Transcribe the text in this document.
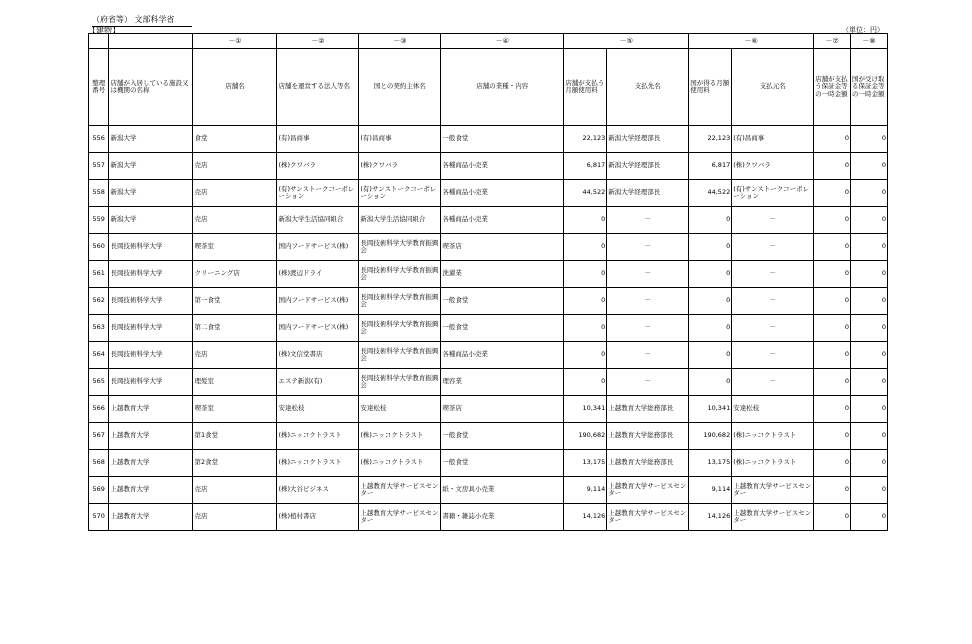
（府省等） 文部科学省
【建物】	（単位：円）
		－①	－②	－③	－④	－⑤		－⑥		－⑦	－⑧
整理番号	店舗が入居している施設又は機関の名称	店舗名	店舗を運営する法人等名	国との契約主体名	店舗の業種・内容	店舗が支払う月額使用料	支払先名	国が得る月額使用料	支払元名	店舗が支払う保証金等の一時金額	国が受け取る保証金等の一時金額
556	新潟大学	食堂	(有)昌商事	(有)昌商事	一般食堂	22,123	新潟大学経理部長	22,123	(有)昌商事	0	0
557	新潟大学	売店	(株)クワバラ	(株)クワバラ	各種商品小売業	6,817	新潟大学経理部長	6,817	(株)クワバラ	0	0
558	新潟大学	売店	(有)サンストークコーポレーション	(有)サンストークコーポレーション	各種商品小売業	44,522	新潟大学経理部長	44,522	(有)サンストークコーポレーション	0	0
559	新潟大学	売店	新潟大学生活協同組合	新潟大学生活協同組合	各種商品小売業	0	－	0	－	0	0
560	長岡技術科学大学	喫茶室	国内フードサービス(株)	長岡技術科学大学教育振興会	喫茶店	0	－	0	－	0	0
561	長岡技術科学大学	クリーニング店	(株)渡辺ドライ	長岡技術科学大学教育振興会	洗濯業	0	－	0	－	0	0
562	長岡技術科学大学	第一食堂	国内フードサービス(株)	長岡技術科学大学教育振興会	一般食堂	0	－	0	－	0	0
563	長岡技術科学大学	第二食堂	国内フードサービス(株)	長岡技術科学大学教育振興会	一般食堂	0	－	0	－	0	0
564	長岡技術科学大学	売店	(株)文信堂書店	長岡技術科学大学教育振興会	各種商品小売業	0	－	0	－	0	0
565	長岡技術科学大学	理髪室	エステ新潟(有)	長岡技術科学大学教育振興会	理容業	0	－	0	－	0	0
566	上越教育大学	喫茶室	安達松枝	安達松枝	喫茶店	10,341	上越教育大学総務部長	10,341	安達松枝	0	0
567	上越教育大学	第1食堂	(株)ニッコクトラスト	(株)ニッコクトラスト	一般食堂	190,682	上越教育大学総務部長	190,682	(株)ニッコクトラスト	0	0
568	上越教育大学	第2食堂	(株)ニッコクトラスト	(株)ニッコクトラスト	一般食堂	13,175	上越教育大学総務部長	13,175	(株)ニッコクトラスト	0	0
569	上越教育大学	売店	(株)大谷ビジネス	上越教育大学サービスセンター	紙・文房具小売業	9,114	上越教育大学サービスセンター	9,114	上越教育大学サービスセンター	0	0
570	上越教育大学	売店	(株)植村書店	上越教育大学サービスセンター	書籍・雑誌小売業	14,126	上越教育大学サービスセンター	14,126	上越教育大学サービスセンター	0	0
